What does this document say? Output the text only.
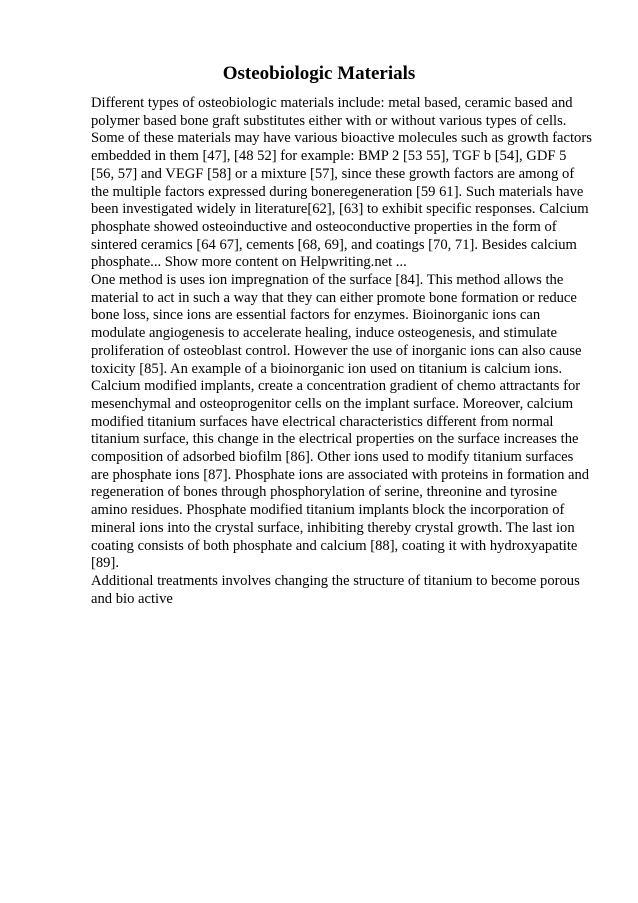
Osteobiologic Materials

Different types of osteobiologic materials include: metal based, ceramic based and
polymer based bone graft substitutes either with or without various types of cells.
Some of these materials may have various bioactive molecules such as growth factors
embedded in them [47], [48 52] for example: BMP 2 [53 55], TGF b [54], GDF 5
[56, 57] and VEGF [58] or a mixture [57], since these growth factors are among of
the multiple factors expressed during boneregeneration [59 61]. Such materials have
been investigated widely in literature[62], [63] to exhibit specific responses. Calcium
phosphate showed osteoinductive and osteoconductive properties in the form of
sintered ceramics [64 67], cements [68, 69], and coatings [70, 71]. Besides calcium
phosphate... Show more content on Helpwriting.net ...

One method is uses ion impregnation of the surface [84]. This method allows the
material to act in such a way that they can either promote bone formation or reduce
bone loss, since ions are essential factors for enzymes. Bioinorganic ions can
modulate angiogenesis to accelerate healing, induce osteogenesis, and stimulate
proliferation of osteoblast control. However the use of inorganic ions can also cause
toxicity [85]. An example of a bioinorganic ion used on titanium is calcium ions.
Calcium modified implants, create a concentration gradient of chemo attractants for
mesenchymal and osteoprogenitor cells on the implant surface. Moreover, calcium
modified titanium surfaces have electrical characteristics different from normal
titanium surface, this change in the electrical properties on the surface increases the
composition of adsorbed biofilm [86]. Other ions used to modify titanium surfaces
are phosphate ions [87]. Phosphate ions are associated with proteins in formation and
regeneration of bones through phosphorylation of serine, threonine and tyrosine
amino residues. Phosphate modified titanium implants block the incorporation of
mineral ions into the crystal surface, inhibiting thereby crystal growth. The last ion
coating consists of both phosphate and calcium [88], coating it with hydroxyapatite
[89].

Additional treatments involves changing the structure of titanium to become porous
and bio active
